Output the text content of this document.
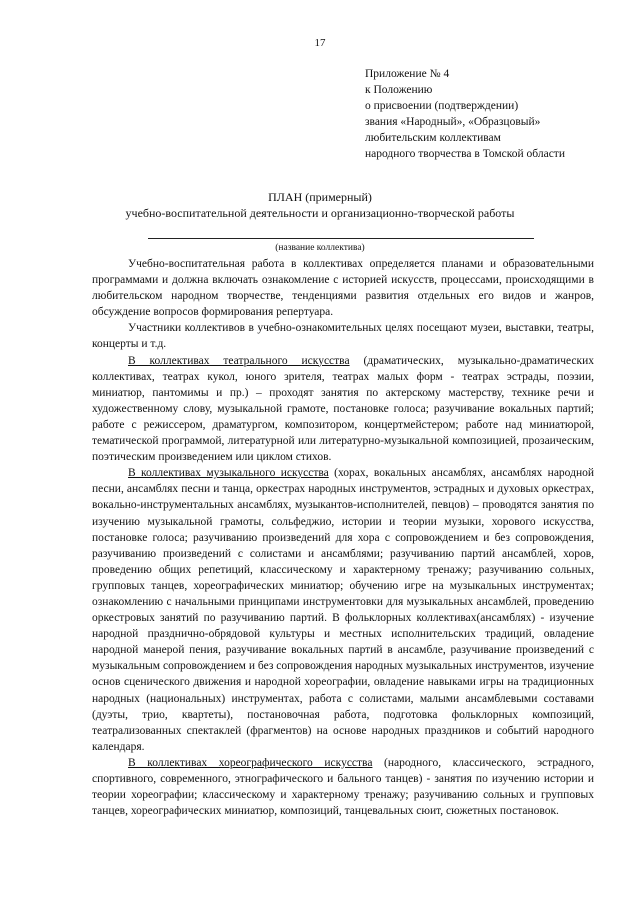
17
Приложение № 4
к Положению
о присвоении (подтверждении)
звания «Народный», «Образцовый»
любительским коллективам
народного творчества в Томской области
ПЛАН (примерный)
учебно-воспитательной деятельности и организационно-творческой работы
(название коллектива)

Учебно-воспитательная работа в коллективах определяется планами и образовательными программами и должна включать ознакомление с историей искусств, процессами, происходящими в любительском народном творчестве, тенденциями развития отдельных его видов и жанров, обсуждение вопросов формирования репертуара.

Участники коллективов в учебно-ознакомительных целях посещают музеи, выставки, театры, концерты и т.д.

В коллективах театрального искусства (драматических, музыкально-драматических коллективах, театрах кукол, юного зрителя, театрах малых форм - театрах эстрады, поэзии, миниатюр, пантомимы и пр.) – проходят занятия по актерскому мастерству, технике речи и художественному слову, музыкальной грамоте, постановке голоса; разучивание вокальных партий; работе с режиссером, драматургом, композитором, концертмейстером; работе над миниатюрой, тематической программой, литературной или литературно-музыкальной композицией, прозаическим, поэтическим произведением или циклом стихов.

В коллективах музыкального искусства (хорах, вокальных ансамблях, ансамблях народной песни, ансамблях песни и танца, оркестрах народных инструментов, эстрадных и духовых оркестрах, вокально-инструментальных ансамблях, музыкантов-исполнителей, певцов) – проводятся занятия по изучению музыкальной грамоты, сольфеджио, истории и теории музыки, хорового искусства, постановке голоса; разучиванию произведений для хора с сопровождением и без сопровождения, разучиванию произведений с солистами и ансамблями; разучиванию партий ансамблей, хоров, проведению общих репетиций, классическому и характерному тренажу; разучиванию сольных, групповых танцев, хореографических миниатюр; обучению игре на музыкальных инструментах; ознакомлению с начальными принципами инструментовки для музыкальных ансамблей, проведению оркестровых занятий по разучиванию партий. В фольклорных коллективах(ансамблях) - изучение народной празднично-обрядовой культуры и местных исполнительских традиций, овладение народной манерой пения, разучивание вокальных партий в ансамбле, разучивание произведений с музыкальным сопровождением и без сопровождения народных музыкальных инструментов, изучение основ сценического движения и народной хореографии, овладение навыками игры на традиционных народных (национальных) инструментах, работа с солистами, малыми ансамблевыми составами (дуэты, трио, квартеты), постановочная работа, подготовка фольклорных композиций, театрализованных спектаклей (фрагментов) на основе народных праздников и событий народного календаря.

В коллективах хореографического искусства (народного, классического, эстрадного, спортивного, современного, этнографического и бального танцев) - занятия по изучению истории и теории хореографии; классическому и характерному тренажу; разучиванию сольных и групповых танцев, хореографических миниатюр, композиций, танцевальных сюит, сюжетных постановок.
